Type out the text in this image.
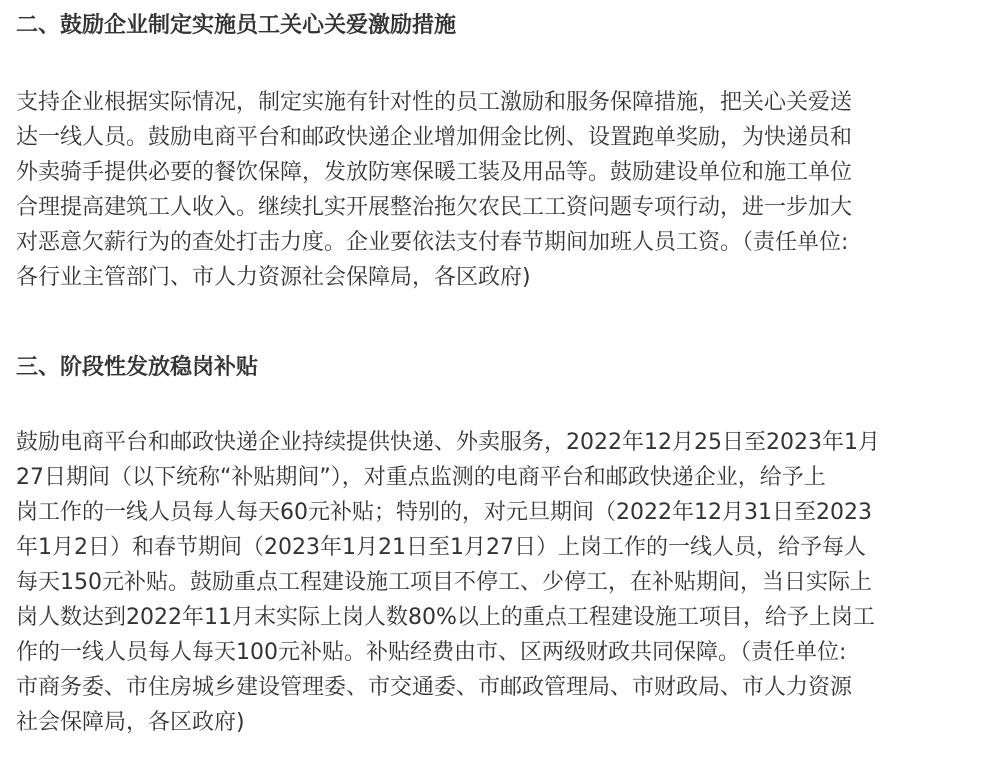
二、鼓励企业制定实施员工关心关爱激励措施

支持企业根据实际情况，制定实施有针对性的员工激励和服务保障措施，把关心关爱送
达一线人员。鼓励电商平台和邮政快递企业增加佣金比例、设置跑单奖励，为快递员和
外卖骑手提供必要的餐饮保障，发放防寒保暖工装及用品等。鼓励建设单位和施工单位
合理提高建筑工人收入。继续扎实开展整治拖欠农民工工资问题专项行动，进一步加大
对恶意欠薪行为的查处打击力度。企业要依法支付春节期间加班人员工资。（责任单位:
各行业主管部门、市人力资源社会保障局，各区政府)

三、阶段性发放稳岗补贴

鼓励电商平台和邮政快递企业持续提供快递、外卖服务，2022年12月25日至2023年1月
27日期间（以下统称“补贴期间”），对重点监测的电商平台和邮政快递企业，给予上
岗工作的一线人员每人每天60元补贴；特别的，对元旦期间（2022年12月31日至2023
年1月2日）和春节期间（2023年1月21日至1月27日）上岗工作的一线人员，给予每人
每天150元补贴。鼓励重点工程建设施工项目不停工、少停工，在补贴期间，当日实际上
岗人数达到2022年11月末实际上岗人数80%以上的重点工程建设施工项目，给予上岗工
作的一线人员每人每天100元补贴。补贴经费由市、区两级财政共同保障。（责任单位:
市商务委、市住房城乡建设管理委、市交通委、市邮政管理局、市财政局、市人力资源
社会保障局，各区政府)
